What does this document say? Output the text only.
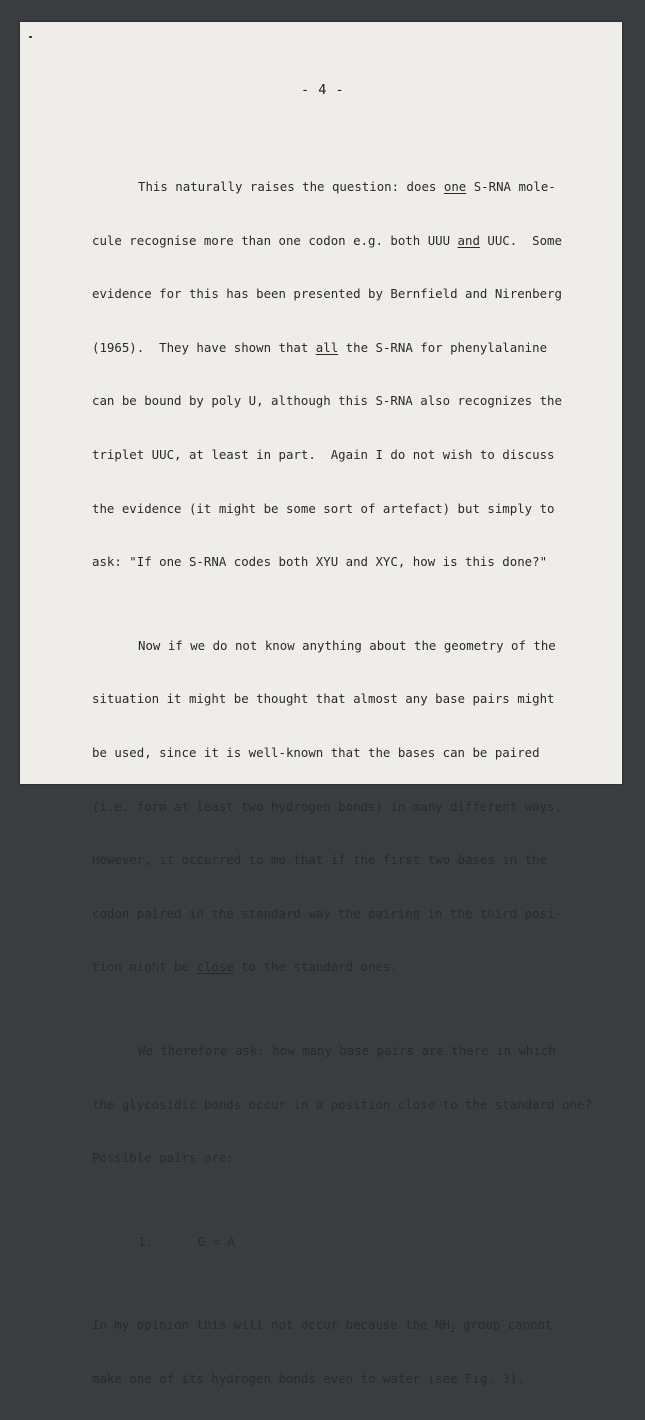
- 4 -

This naturally raises the question: does one S-RNA mole-

cule recognise more than one codon e.g. both UUU and UUC.  Some

evidence for this has been presented by Bernfield and Nirenberg

(1965).  They have shown that all the S-RNA for phenylalanine

can be bound by poly U, although this S-RNA also recognizes the

triplet UUC, at least in part.  Again I do not wish to discuss

the evidence (it might be some sort of artefact) but simply to

ask: "If one S-RNA codes both XYU and XYC, how is this done?"

Now if we do not know anything about the geometry of the

situation it might be thought that almost any base pairs might

be used, since it is well-known that the bases can be paired

(i.e. form at least two hydrogen bonds) in many different ways.

However, it occurred to me that if the first two bases in the

codon paired in the standard way the pairing in the third posi-

tion might be close to the standard ones.

We therefore ask: how many base pairs are there in which

the glycosidic bonds occur in a position close to the standard one?

Possible pairs are:

1.	G = A

In my opinion this will not occur because the $NH_2$ group cannot

make one of its hydrogen bonds even to water (see Fig. 3).
